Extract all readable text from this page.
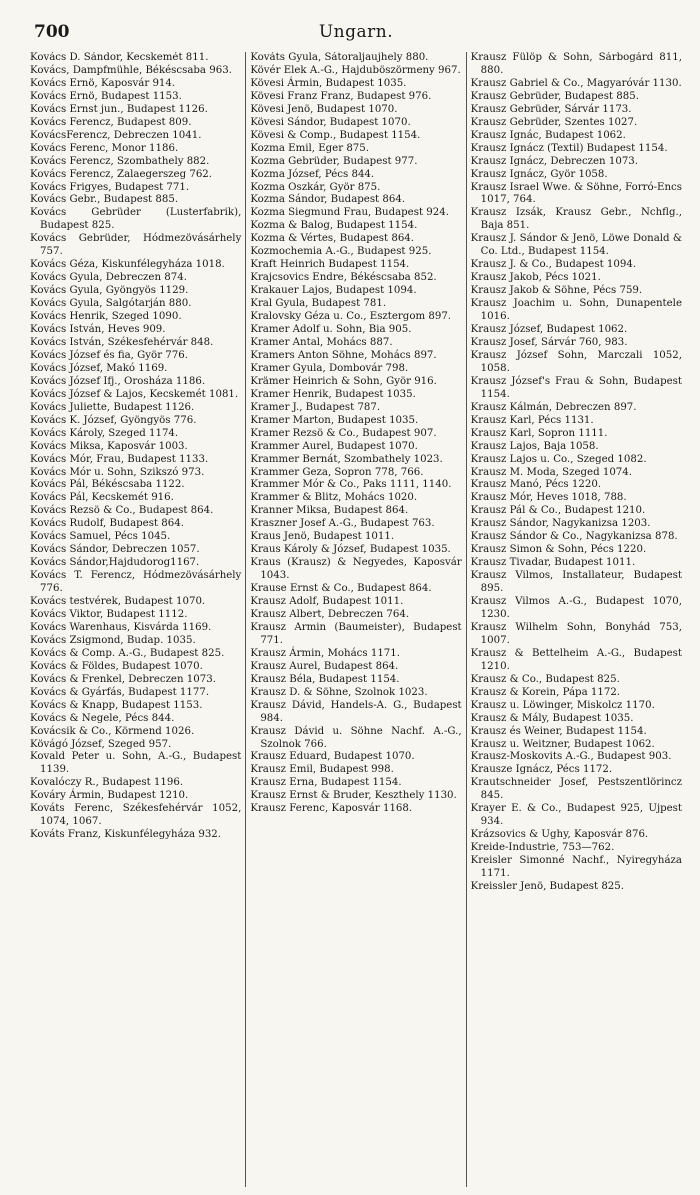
700	Ungarn.
Kovács D. Sándor, Kecskemét 811.
Kovács, Dampfmühle, Békéscsaba 963.
Kovács Ernö, Kaposvár 914.
Kovács Ernö, Budapest 1153.
Kovács Ernst jun., Budapest 1126.
Kovács Ferencz, Budapest 809.
KovácsFerencz, Debreczen 1041.
Kovács Ferenc, Monor 1186.
Kovács Ferencz, Szombathely 882.
Kovács Ferencz, Zalaegerszeg 762.
Kovács Frigyes, Budapest 771.
Kovács Gebr., Budapest 885.
Kovács Gebrüder (Lusterfabrik), Budapest 825.
Kovács Gebrüder, Hódmezövásárhely 757.
Kovács Géza, Kiskunfélegyháza 1018.
Kovács Gyula, Debreczen 874.
Kovács Gyula, Gyöngyös 1129.
Kovács Gyula, Salgótarján 880.
Kovács Henrik, Szeged 1090.
Kovács István, Heves 909.
Kovács István, Székesfehérvár 848.
Kovács József és fia, Györ 776.
Kovács József, Makó 1169.
Kovács József Ifj., Orosháza 1186.
Kovács József & Lajos, Kecskemét 1081.
Kovács Juliette, Budapest 1126.
Kovács K. József, Gyöngyös 776.
Kovács Károly, Szeged 1174.
Kovács Miksa, Kaposvár 1003.
Kovács Mór, Frau, Budapest 1133.
Kovács Mór u. Sohn, Szikszó 973.
Kovács Pál, Békéscsaba 1122.
Kovács Pál, Kecskemét 916.
Kovács Rezsö & Co., Budapest 864.
Kovács Rudolf, Budapest 864.
Kovács Samuel, Pécs 1045.
Kovács Sándor, Debreczen 1057.
Kovács Sándor,Hajdudorog1167.
Kovács T. Ferencz, Hódmezövásárhely 776.
Kovács testvérek, Budapest 1070.
Kovács Viktor, Budapest 1112.
Kovács Warenhaus, Kisvárda 1169.
Kovács Zsigmond, Budap. 1035.
Kovács & Comp. A.-G., Budapest 825.
Kovács & Földes, Budapest 1070.
Kovács & Frenkel, Debreczen 1073.
Kovács & Gyárfás, Budapest 1177.
Kovács & Knapp, Budapest 1153.
Kovács & Negele, Pécs 844.
Kovácsik & Co., Körmend 1026.
Kövágó József, Szeged 957.
Kovald Peter u. Sohn, A.-G., Budapest 1139.
Kovalóczy R., Budapest 1196.
Kováry Ármin, Budapest 1210.
Kováts Ferenc, Székesfehérvár 1052, 1074, 1067.
Kováts Franz, Kiskunfélegyháza 932.
Kováts Gyula, Sátoraljaujhely 880.
Kövér Elek A.-G., Hajduböszörmeny 967.
Kövesi Ármin, Budapest 1035.
Kövesi Franz Franz, Budapest 976.
Kövesi Jenö, Budapest 1070.
Kövesi Sándor, Budapest 1070.
Kövesi & Comp., Budapest 1154.
Kozma Emil, Eger 875.
Kozma Gebrüder, Budapest 977.
Kozma József, Pécs 844.
Kozma Oszkár, Györ 875.
Kozma Sándor, Budapest 864.
Kozma Siegmund Frau, Budapest 924.
Kozma & Balog, Budapest 1154.
Kozma & Vértes, Budapest 864.
Kozmochemia A.-G., Budapest 925.
Kraft Heinrich Budapest 1154.
Krajcsovics Endre, Békéscsaba 852.
Krakauer Lajos, Budapest 1094.
Kral Gyula, Budapest 781.
Kralovsky Géza u. Co., Esztergom 897.
Kramer Adolf u. Sohn, Bia 905.
Kramer Antal, Mohács 887.
Kramers Anton Söhne, Mohács 897.
Kramer Gyula, Dombovár 798.
Krämer Heinrich & Sohn, Györ 916.
Kramer Henrik, Budapest 1035.
Kramer J., Budapest 787.
Kramer Marton, Budapest 1035.
Kramer Rezsö & Co., Budapest 907.
Krammer Aurel, Budapest 1070.
Krammer Bernát, Szombathely 1023.
Krammer Geza, Sopron 778, 766.
Krammer Mór & Co., Paks 1111, 1140.
Krammer & Blitz, Mohács 1020.
Kranner Miksa, Budapest 864.
Kraszner Josef A.-G., Budapest 763.
Kraus Jenö, Budapest 1011.
Kraus Károly & József, Budapest 1035.
Kraus (Krausz) & Negyedes, Kaposvár 1043.
Krause Ernst & Co., Budapest 864.
Krausz Adolf, Budapest 1011.
Krausz Albert, Debreczen 764.
Krausz Armin (Baumeister), Budapest 771.
Krausz Ármin, Mohács 1171.
Krausz Aurel, Budapest 864.
Krausz Béla, Budapest 1154.
Krausz D. & Söhne, Szolnok 1023.
Krausz Dávid, Handels-A. G., Budapest 984.
Krausz Dávid u. Söhne Nachf. A.-G., Szolnok 766.
Krausz Eduard, Budapest 1070.
Krausz Emil, Budapest 998.
Krausz Erna, Budapest 1154.
Krausz Ernst & Bruder, Keszthely 1130.
Krausz Ferenc, Kaposvár 1168.
Krausz Fülöp & Sohn, Sárbogárd 811, 880.
Krausz Gabriel & Co., Magyaróvár 1130.
Krausz Gebrüder, Budapest 885.
Krausz Gebrüder, Sárvár 1173.
Krausz Gebrüder, Szentes 1027.
Krausz Ignác, Budapest 1062.
Krausz Ignácz (Textil) Budapest 1154.
Krausz Ignácz, Debreczen 1073.
Krausz Ignácz, Györ 1058.
Krausz Israel Wwe. & Söhne, Forró-Encs 1017, 764.
Krausz Izsák, Krausz Gebr., Nchflg., Baja 851.
Krausz J. Sándor & Jenö, Löwe Donald & Co. Ltd., Budapest 1154.
Krausz J. & Co., Budapest 1094.
Krausz Jakob, Pécs 1021.
Krausz Jakob & Söhne, Pécs 759.
Krausz Joachim u. Sohn, Dunapentele 1016.
Krausz József, Budapest 1062.
Krausz Josef, Sárvár 760, 983.
Krausz József Sohn, Marczali 1052, 1058.
Krausz József's Frau & Sohn, Budapest 1154.
Krausz Kálmán, Debreczen 897.
Krausz Karl, Pécs 1131.
Krausz Karl, Sopron 1111.
Krausz Lajos, Baja 1058.
Krausz Lajos u. Co., Szeged 1082.
Krausz M. Moda, Szeged 1074.
Krausz Manó, Pécs 1220.
Krausz Mór, Heves 1018, 788.
Krausz Pál & Co., Budapest 1210.
Krausz Sándor, Nagykanizsa 1203.
Krausz Sándor & Co., Nagykanizsa 878.
Krausz Simon & Sohn, Pécs 1220.
Krausz Tivadar, Budapest 1011.
Krausz Vilmos, Installateur, Budapest 895.
Krausz Vilmos A.-G., Budapest 1070, 1230.
Krausz Wilhelm Sohn, Bonyhád 753, 1007.
Krausz & Bettelheim A.-G., Budapest 1210.
Krausz & Co., Budapest 825.
Krausz & Korein, Pápa 1172.
Krausz u. Löwinger, Miskolcz 1170.
Krausz & Mály, Budapest 1035.
Krausz és Weiner, Budapest 1154.
Krausz u. Weitzner, Budapest 1062.
Krausz-Moskovits A.-G., Budapest 903.
Krausze Ignácz, Pécs 1172.
Krautschneider Josef, Pestszentlörincz 845.
Krayer E. & Co., Budapest 925, Ujpest 934.
Krázsovics & Ughy, Kaposvár 876.
Kreide-Industrie, 753—762.
Kreisler Simonné Nachf., Nyiregyháza 1171.
Kreissler Jenö, Budapest 825.
